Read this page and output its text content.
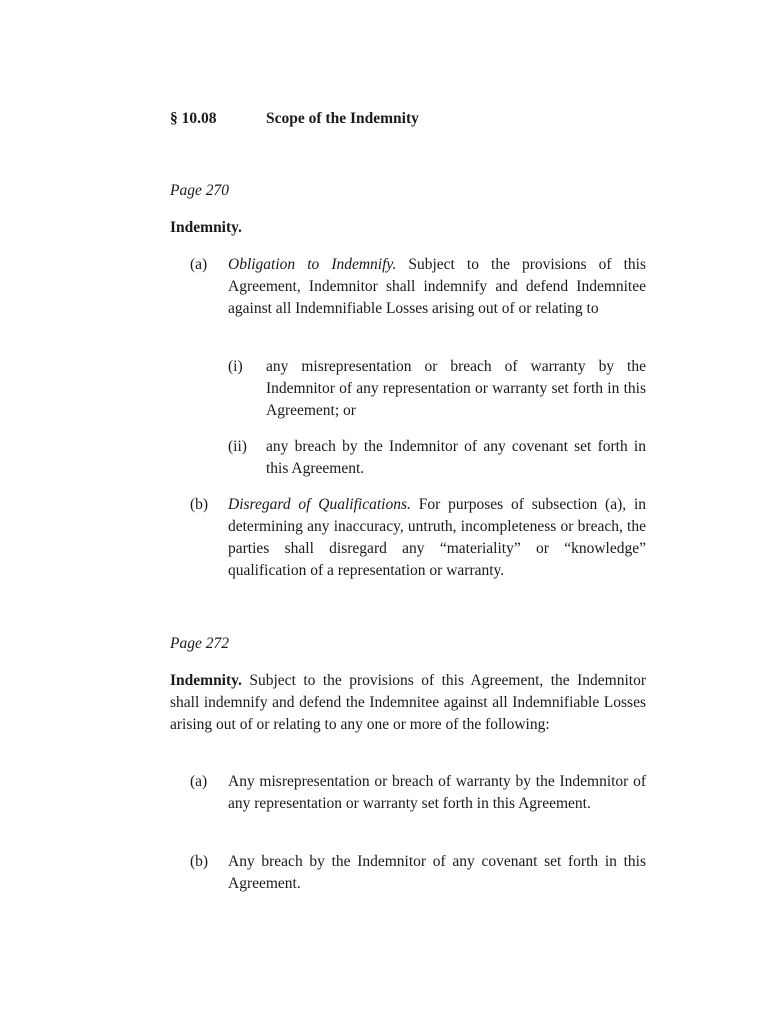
§ 10.08	Scope of the Indemnity
Page 270
Indemnity.
(a) Obligation to Indemnify. Subject to the provisions of this Agreement, Indemnitor shall indemnify and defend Indemnitee against all Indemnifiable Losses arising out of or relating to
(i) any misrepresentation or breach of warranty by the Indemnitor of any representation or warranty set forth in this Agreement; or
(ii) any breach by the Indemnitor of any covenant set forth in this Agreement.
(b) Disregard of Qualifications. For purposes of subsection (a), in determining any inaccuracy, untruth, incompleteness or breach, the parties shall disregard any “materiality” or “knowledge” qualification of a representation or warranty.
Page 272
Indemnity. Subject to the provisions of this Agreement, the Indemnitor shall indemnify and defend the Indemnitee against all Indemnifiable Losses arising out of or relating to any one or more of the following:
(a) Any misrepresentation or breach of warranty by the Indemnitor of any representation or warranty set forth in this Agreement.
(b) Any breach by the Indemnitor of any covenant set forth in this Agreement.
